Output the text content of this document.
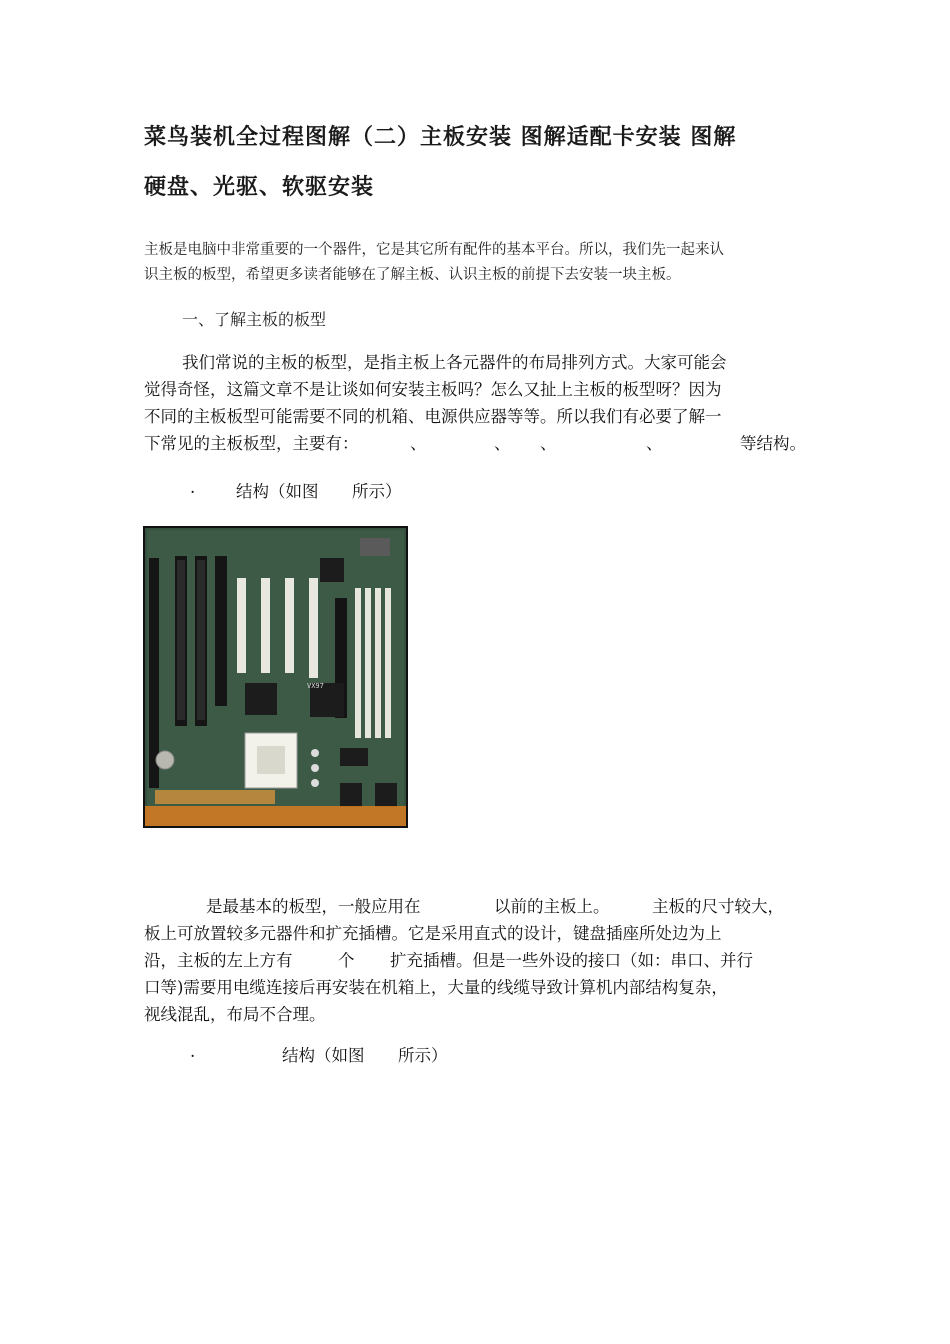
菜鸟装机全过程图解（二）主板安装 图解适配卡安装 图解
硬盘、光驱、软驱安装
主板是电脑中非常重要的一个器件，它是其它所有配件的基本平台。所以，我们先一起来认
识主板的板型，希望更多读者能够在了解主板、认识主板的前提下去安装一块主板。
一、了解主板的板型
我们常说的主板的板型，是指主板上各元器件的布局排列方式。大家可能会
觉得奇怪，这篇文章不是让谈如何安装主板吗？怎么又扯上主板的板型呀？因为
不同的主板板型可能需要不同的机箱、电源供应器等等。所以我们有必要了解一
下常见的主板板型，主要有：	、	、 、	、	等结构。
. 结构（如图 所示）
VX97
是最基本的板型，一般应用在	以前的主板上。	主板的尺寸较大，
板上可放置较多元器件和扩充插槽。它是采用直式的设计，键盘插座所处边为上
沿，主板的左上方有	个 扩充插槽。但是一些外设的接口（如：串口、并行
口等)需要用电缆连接后再安装在机箱上，大量的线缆导致计算机内部结构复杂，
视线混乱，布局不合理。
.	结构（如图 所示）
